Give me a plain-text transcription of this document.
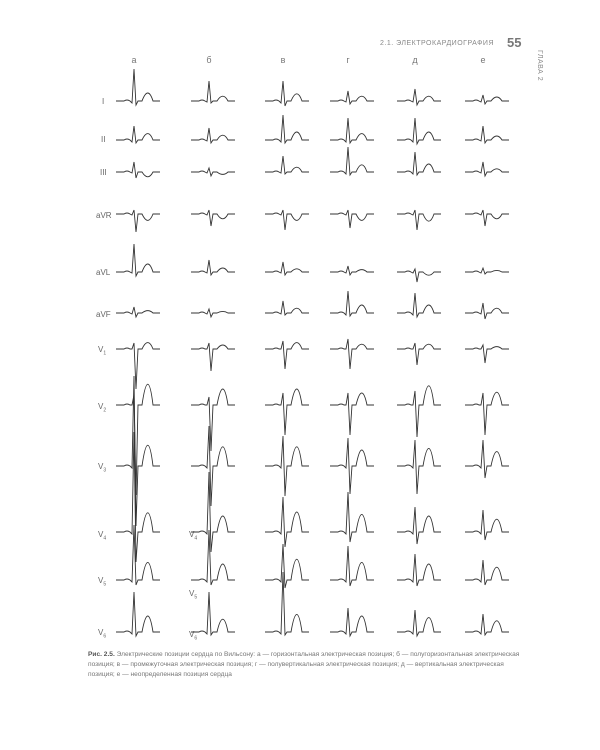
2.1. ЭЛЕКТРОКАРДИОГРАФИЯ 55
ГЛАВА 2
а	б	в	г	д	е
I
II
III
aVR
aVL
aVF
$V_1$
$V_2$
$V_3$
$V_4$
$V_5$
$V_6$
$V_4$
$V_5$
$V_6$
Рис. 2.5. Электрические позиции сердца по Вильсону: а — горизонтальная электрическая позиция; б — полугоризонтальная электрическая позиция; в — промежуточная электрическая позиция; г — полувертикальная электрическая позиция; д — вертикальная электрическая позиция; е — неопределенная позиция сердца
